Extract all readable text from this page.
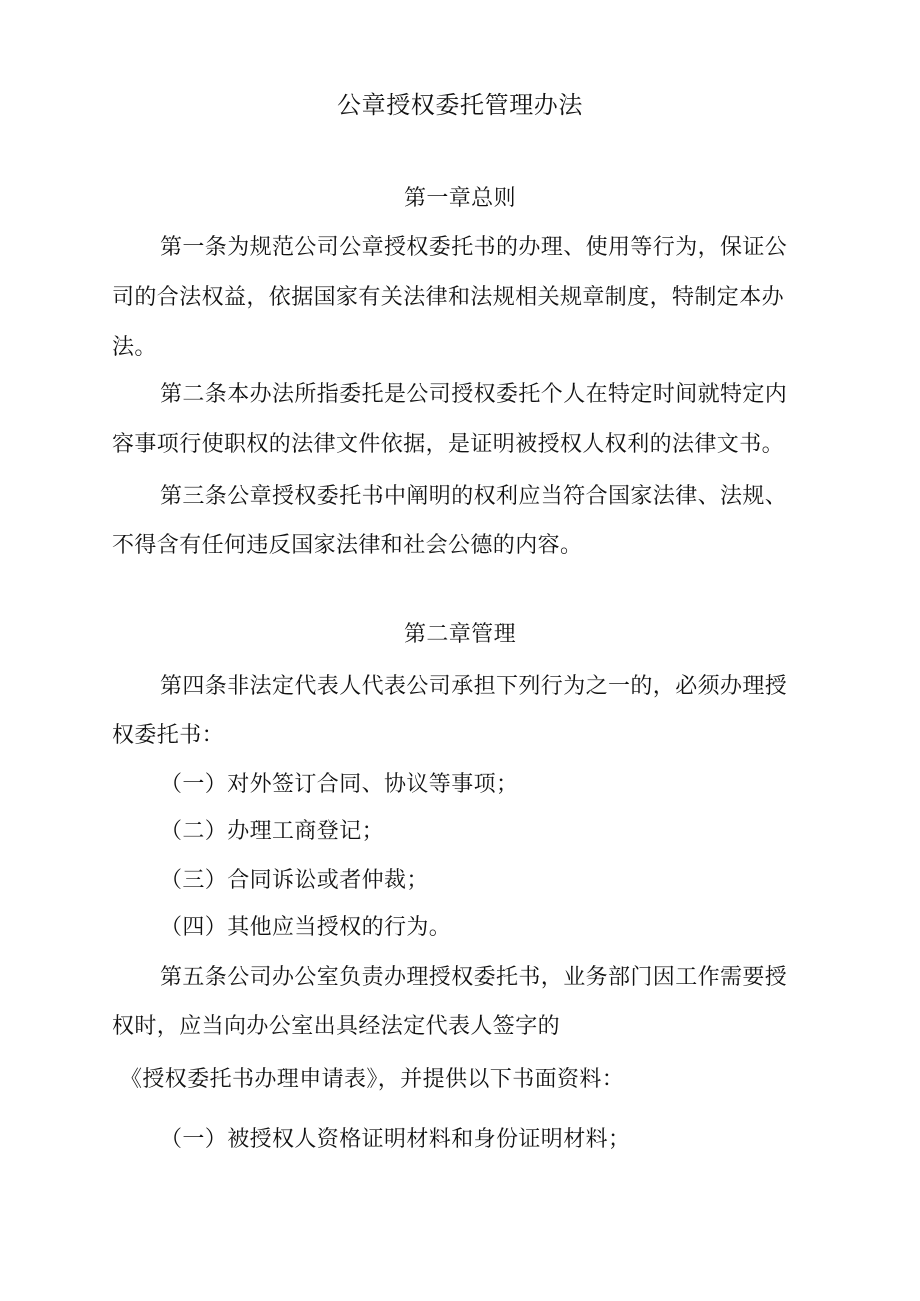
公章授权委托管理办法
第一章总则
第一条为规范公司公章授权委托书的办理、使用等行为，保证公
司的合法权益，依据国家有关法律和法规相关规章制度，特制定本办
法。
第二条本办法所指委托是公司授权委托个人在特定时间就特定内
容事项行使职权的法律文件依据，是证明被授权人权利的法律文书。
第三条公章授权委托书中阐明的权利应当符合国家法律、法规、
不得含有任何违反国家法律和社会公德的内容。
第二章管理
第四条非法定代表人代表公司承担下列行为之一的，必须办理授
权委托书：
（一）对外签订合同、协议等事项；
（二）办理工商登记；
（三）合同诉讼或者仲裁；
（四）其他应当授权的行为。
第五条公司办公室负责办理授权委托书，业务部门因工作需要授
权时，应当向办公室出具经法定代表人签字的
《授权委托书办理申请表》，并提供以下书面资料：
（一）被授权人资格证明材料和身份证明材料；
